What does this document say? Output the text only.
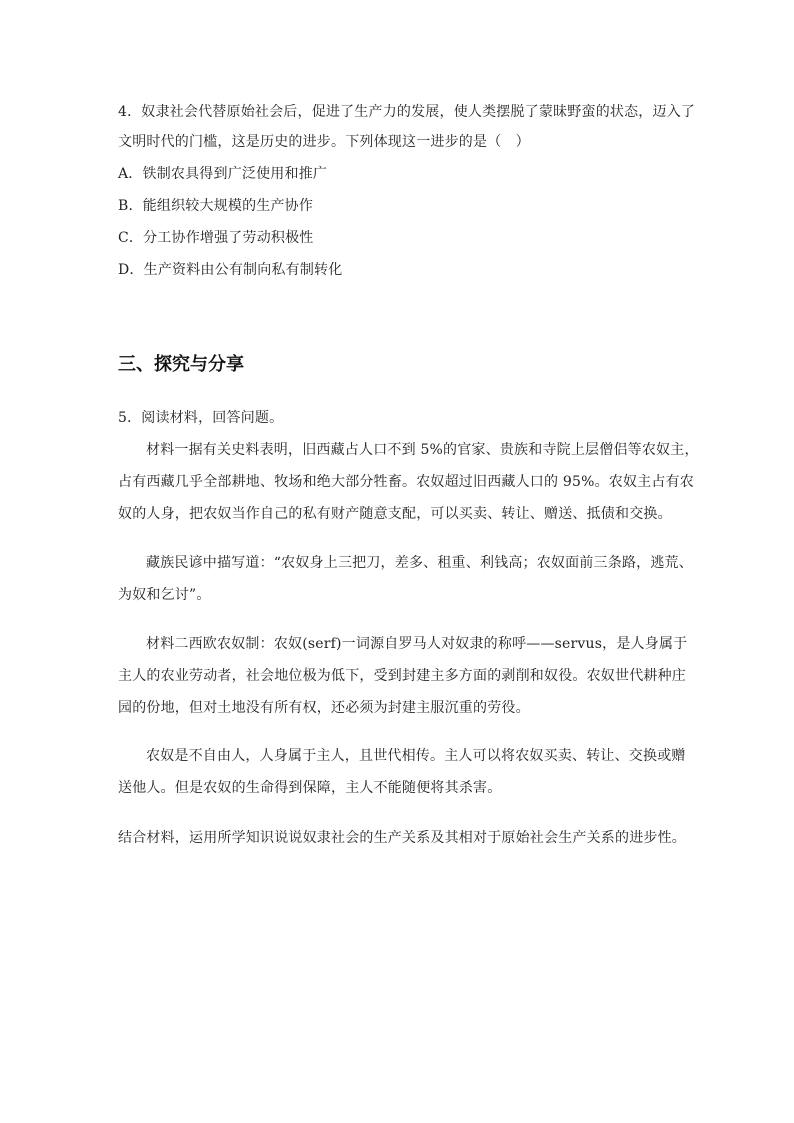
4．奴隶社会代替原始社会后，促进了生产力的发展，使人类摆脱了蒙昧野蛮的状态，迈入了
文明时代的门槛，这是历史的进步。下列体现这一进步的是（　）
A．铁制农具得到广泛使用和推广
B．能组织较大规模的生产协作
C．分工协作增强了劳动积极性
D．生产资料由公有制向私有制转化
三、探究与分享
5．阅读材料，回答问题。
材料一据有关史料表明，旧西藏占人口不到 5%的官家、贵族和寺院上层僧侣等农奴主，
占有西藏几乎全部耕地、牧场和绝大部分牲畜。农奴超过旧西藏人口的 95%。农奴主占有农
奴的人身，把农奴当作自己的私有财产随意支配，可以买卖、转让、赠送、抵债和交换。
藏族民谚中描写道：“农奴身上三把刀，差多、租重、利钱高；农奴面前三条路，逃荒、
为奴和乞讨”。
材料二西欧农奴制：农奴(serf)一词源自罗马人对奴隶的称呼——servus，是人身属于
主人的农业劳动者，社会地位极为低下，受到封建主多方面的剥削和奴役。农奴世代耕种庄
园的份地，但对土地没有所有权，还必须为封建主服沉重的劳役。
农奴是不自由人，人身属于主人，且世代相传。主人可以将农奴买卖、转让、交换或赠
送他人。但是农奴的生命得到保障，主人不能随便将其杀害。
结合材料，运用所学知识说说奴隶社会的生产关系及其相对于原始社会生产关系的进步性。
